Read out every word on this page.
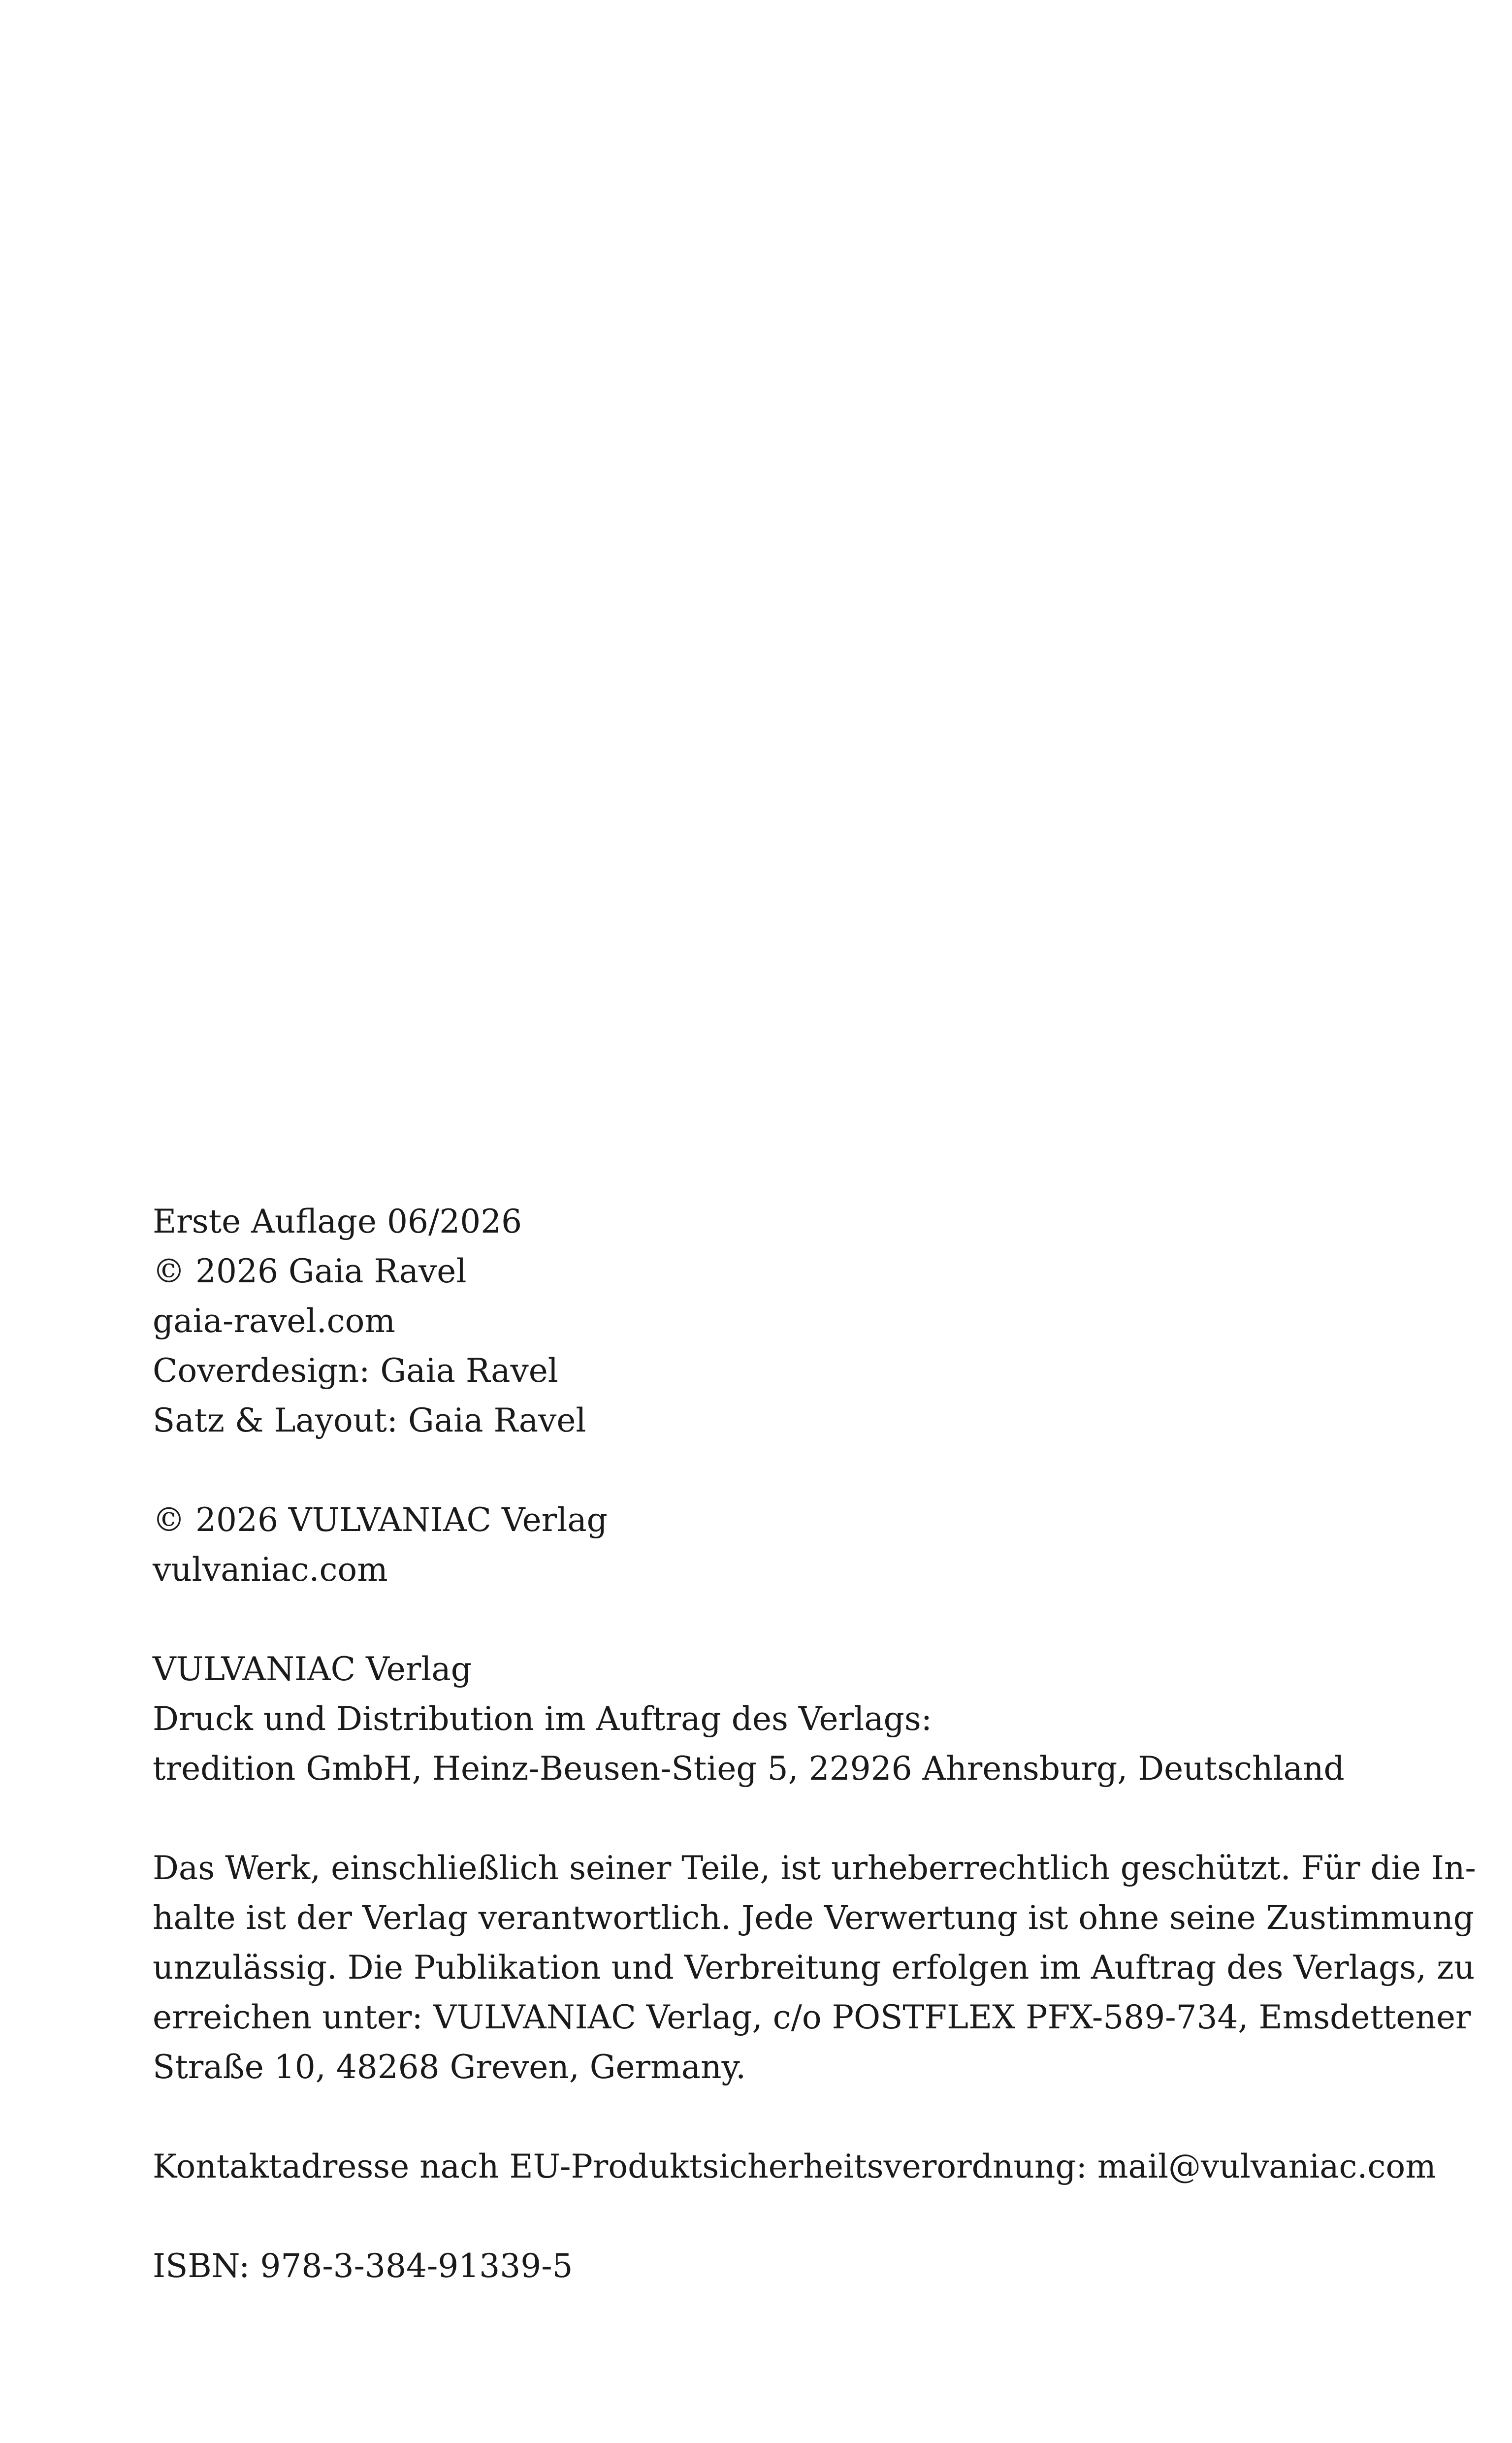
Erste Auflage 06/2026
© 2026 Gaia Ravel
gaia-ravel.com
Coverdesign: Gaia Ravel
Satz & Layout: Gaia Ravel
© 2026 VULVANIAC Verlag
vulvaniac.com
VULVANIAC Verlag
Druck und Distribution im Auftrag des Verlags:
tredition GmbH, Heinz-Beusen-Stieg 5, 22926 Ahrensburg, Deutschland
Das Werk, einschließlich seiner Teile, ist urheberrechtlich geschützt. Für die In-
halte ist der Verlag verantwortlich. Jede Verwertung ist ohne seine Zustimmung
unzulässig. Die Publikation und Verbreitung erfolgen im Auftrag des Verlags, zu
erreichen unter: VULVANIAC Verlag, c/o POSTFLEX PFX-589-734, Emsdettener
Straße 10, 48268 Greven, Germany.
Kontaktadresse nach EU-Produktsicherheitsverordnung: mail@vulvaniac.com
ISBN: 978-3-384-91339-5
